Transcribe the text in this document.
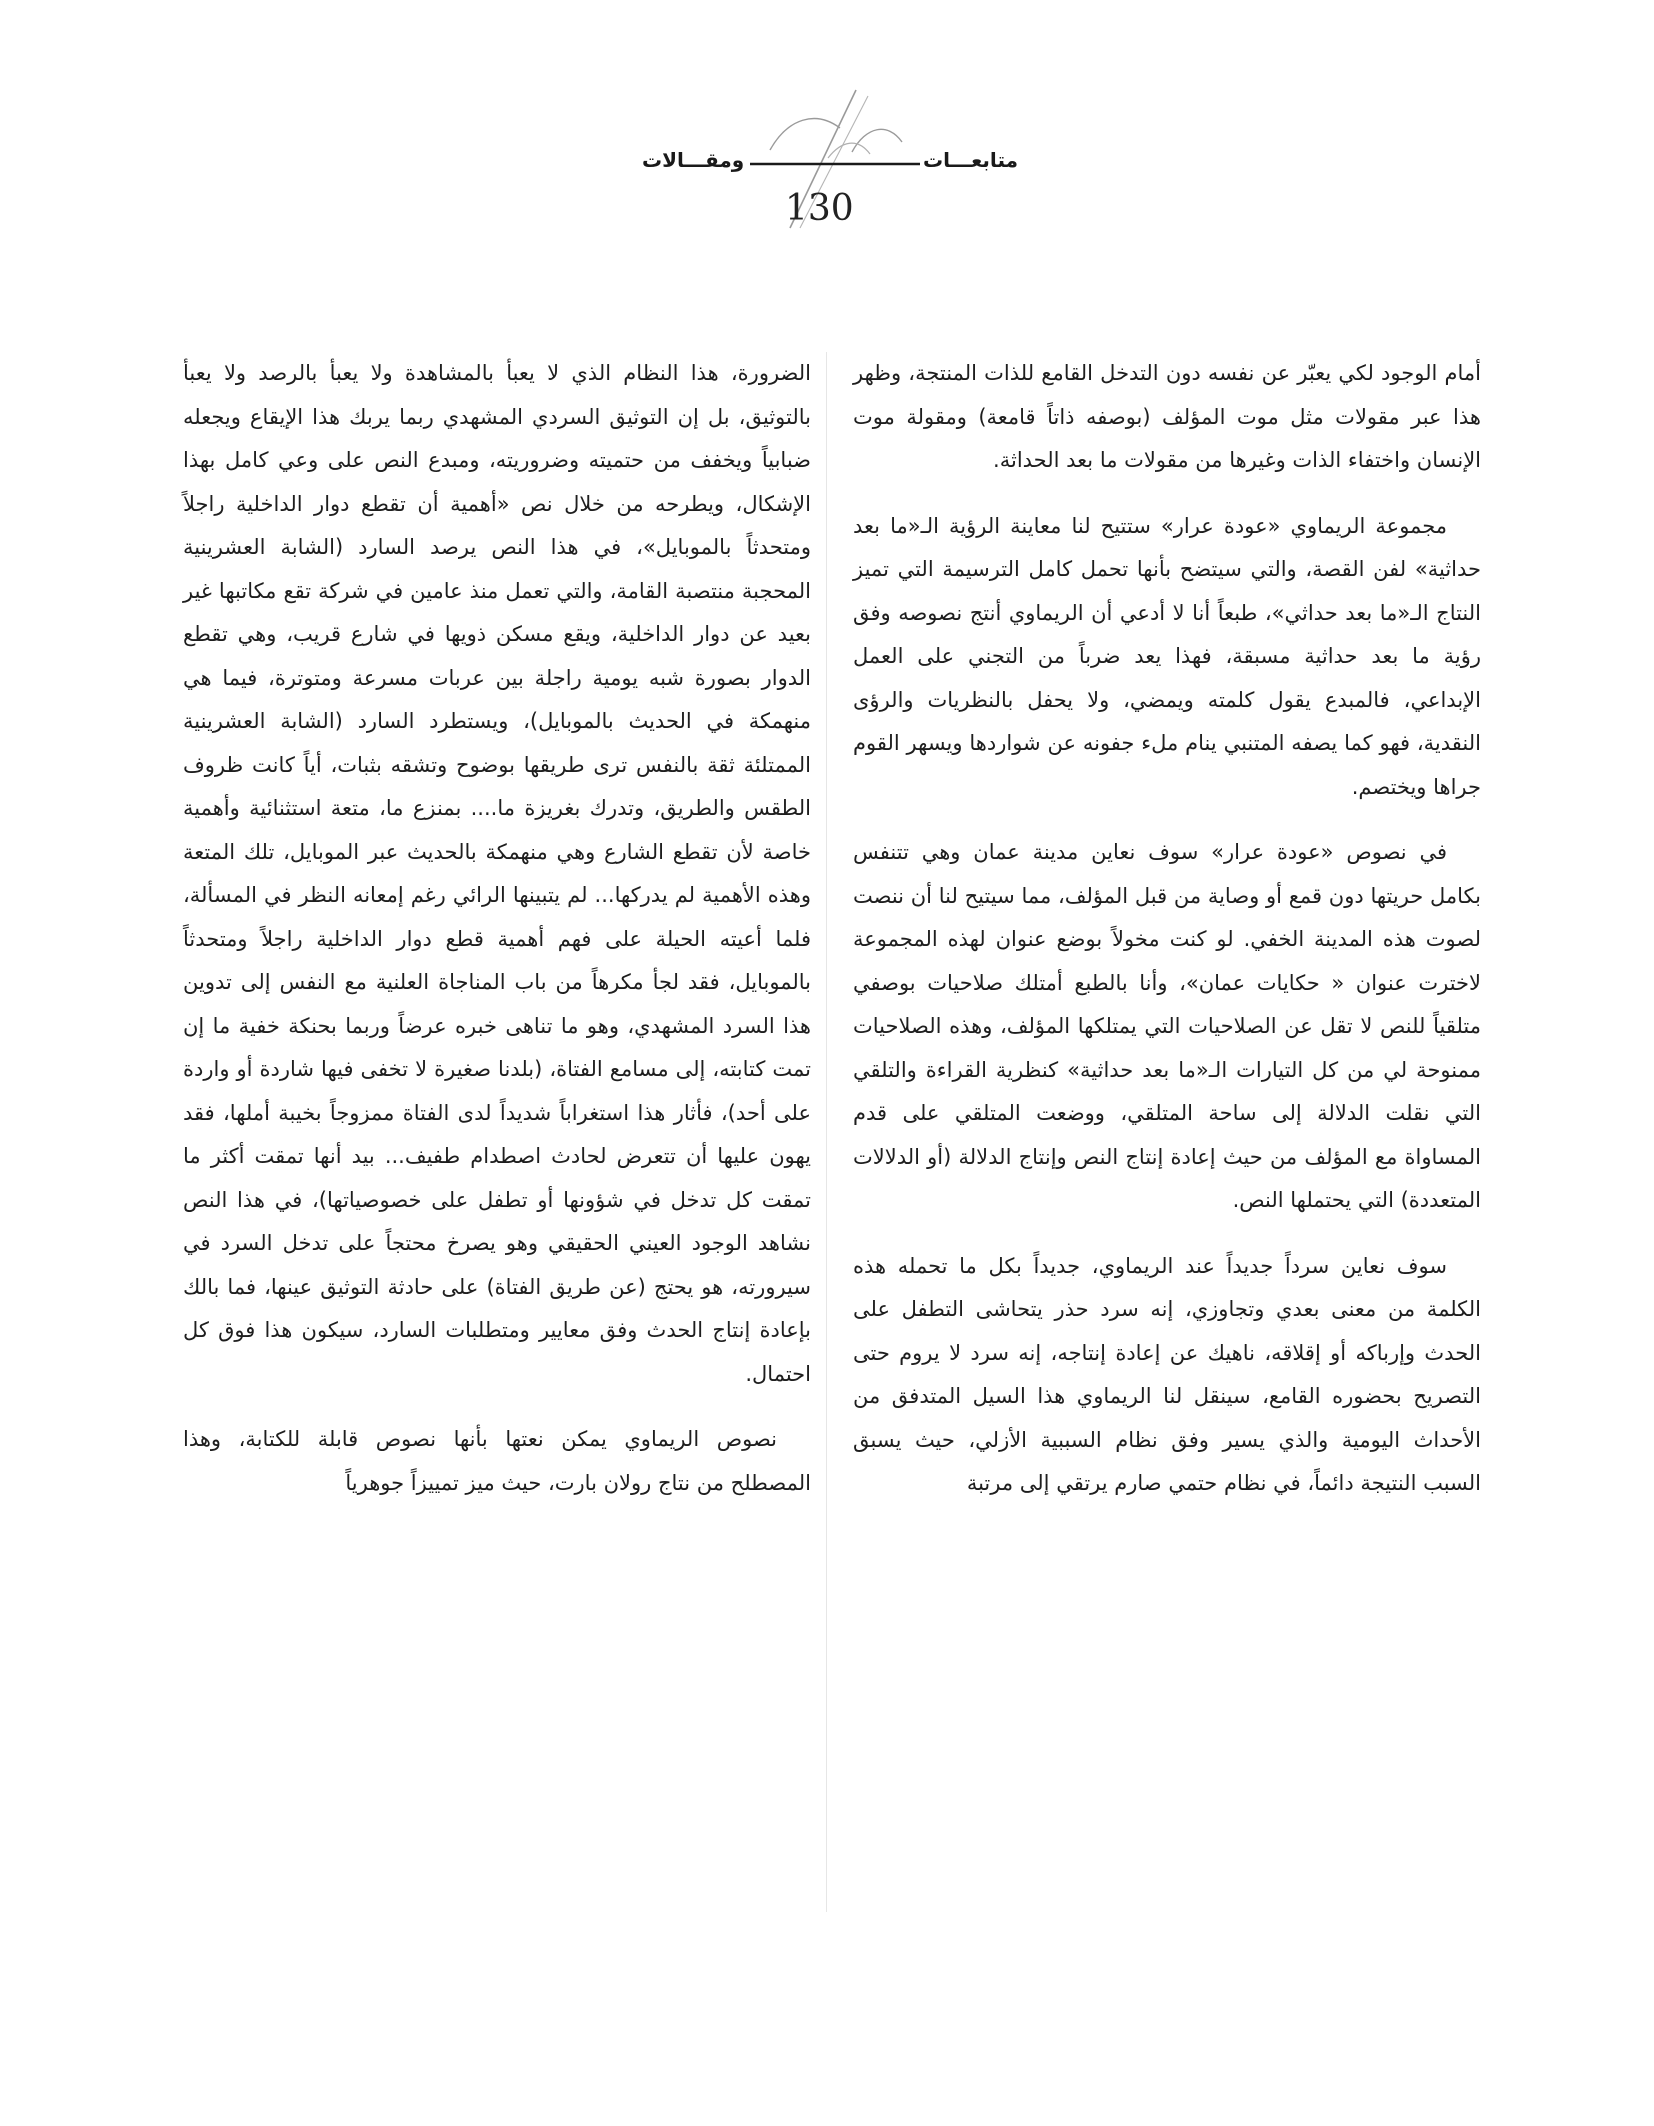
متابعـــات
ومقـــالات
130

أمام الوجود لكي يعبّر عن نفسه دون التدخل القامع للذات المنتجة، وظهر هذا عبر مقولات مثل موت المؤلف (بوصفه ذاتاً قامعة) ومقولة موت الإنسان واختفاء الذات وغيرها من مقولات ما بعد الحداثة.

مجموعة الريماوي «عودة عرار» ستتيح لنا معاينة الرؤية الـ«ما بعد حداثية» لفن القصة، والتي سيتضح بأنها تحمل كامل الترسيمة التي تميز النتاج الـ«ما بعد حداثي»، طبعاً أنا لا أدعي أن الريماوي أنتج نصوصه وفق رؤية ما بعد حداثية مسبقة، فهذا يعد ضرباً من التجني على العمل الإبداعي، فالمبدع يقول كلمته ويمضي، ولا يحفل بالنظريات والرؤى النقدية، فهو كما يصفه المتنبي ينام ملء جفونه عن شواردها ويسهر القوم جراها ويختصم.

في نصوص «عودة عرار» سوف نعاين مدينة عمان وهي تتنفس بكامل حريتها دون قمع أو وصاية من قبل المؤلف، مما سيتيح لنا أن ننصت لصوت هذه المدينة الخفي. لو كنت مخولاً بوضع عنوان لهذه المجموعة لاخترت عنوان « حكايات عمان»، وأنا بالطبع أمتلك صلاحيات بوصفي متلقياً للنص لا تقل عن الصلاحيات التي يمتلكها المؤلف، وهذه الصلاحيات ممنوحة لي من كل التيارات الـ«ما بعد حداثية» كنظرية القراءة والتلقي التي نقلت الدلالة إلى ساحة المتلقي، ووضعت المتلقي على قدم المساواة مع المؤلف من حيث إعادة إنتاج النص وإنتاج الدلالة (أو الدلالات المتعددة) التي يحتملها النص.

سوف نعاين سرداً جديداً عند الريماوي، جديداً بكل ما تحمله هذه الكلمة من معنى بعدي وتجاوزي، إنه سرد حذر يتحاشى التطفل على الحدث وإرباكه أو إقلاقه، ناهيك عن إعادة إنتاجه، إنه سرد لا يروم حتى التصريح بحضوره القامع، سينقل لنا الريماوي هذا السيل المتدفق من الأحداث اليومية والذي يسير وفق نظام السببية الأزلي، حيث يسبق السبب النتيجة دائماً، في نظام حتمي صارم يرتقي إلى مرتبة

الضرورة، هذا النظام الذي لا يعبأ بالمشاهدة ولا يعبأ بالرصد ولا يعبأ بالتوثيق، بل إن التوثيق السردي المشهدي ربما يربك هذا الإيقاع ويجعله ضبابياً ويخفف من حتميته وضروريته، ومبدع النص على وعي كامل بهذا الإشكال، ويطرحه من خلال نص «أهمية أن تقطع دوار الداخلية راجلاً ومتحدثاً بالموبايل»، في هذا النص يرصد السارد (الشابة العشرينية المحجبة منتصبة القامة، والتي تعمل منذ عامين في شركة تقع مكاتبها غير بعيد عن دوار الداخلية، ويقع مسكن ذويها في شارع قريب، وهي تقطع الدوار بصورة شبه يومية راجلة بين عربات مسرعة ومتوترة، فيما هي منهمكة في الحديث بالموبايل)، ويستطرد السارد (الشابة العشرينية الممتلئة ثقة بالنفس ترى طريقها بوضوح وتشقه بثبات، أياً كانت ظروف الطقس والطريق، وتدرك بغريزة ما.... بمنزع ما، متعة استثنائية وأهمية خاصة لأن تقطع الشارع وهي منهمكة بالحديث عبر الموبايل، تلك المتعة وهذه الأهمية لم يدركها... لم يتبينها الرائي رغم إمعانه النظر في المسألة، فلما أعيته الحيلة على فهم أهمية قطع دوار الداخلية راجلاً ومتحدثاً بالموبايل، فقد لجأ مكرهاً من باب المناجاة العلنية مع النفس إلى تدوين هذا السرد المشهدي، وهو ما تناهى خبره عرضاً وربما بحنكة خفية ما إن تمت كتابته، إلى مسامع الفتاة، (بلدنا صغيرة لا تخفى فيها شاردة أو واردة على أحد)، فأثار هذا استغراباً شديداً لدى الفتاة ممزوجاً بخيبة أملها، فقد يهون عليها أن تتعرض لحادث اصطدام طفيف... بيد أنها تمقت أكثر ما تمقت كل تدخل في شؤونها أو تطفل على خصوصياتها)، في هذا النص نشاهد الوجود العيني الحقيقي وهو يصرخ محتجاً على تدخل السرد في سيرورته، هو يحتج (عن طريق الفتاة) على حادثة التوثيق عينها، فما بالك بإعادة إنتاج الحدث وفق معايير ومتطلبات السارد، سيكون هذا فوق كل احتمال.

نصوص الريماوي يمكن نعتها بأنها نصوص قابلة للكتابة، وهذا المصطلح من نتاج رولان بارت، حيث ميز تمييزاً جوهرياً
